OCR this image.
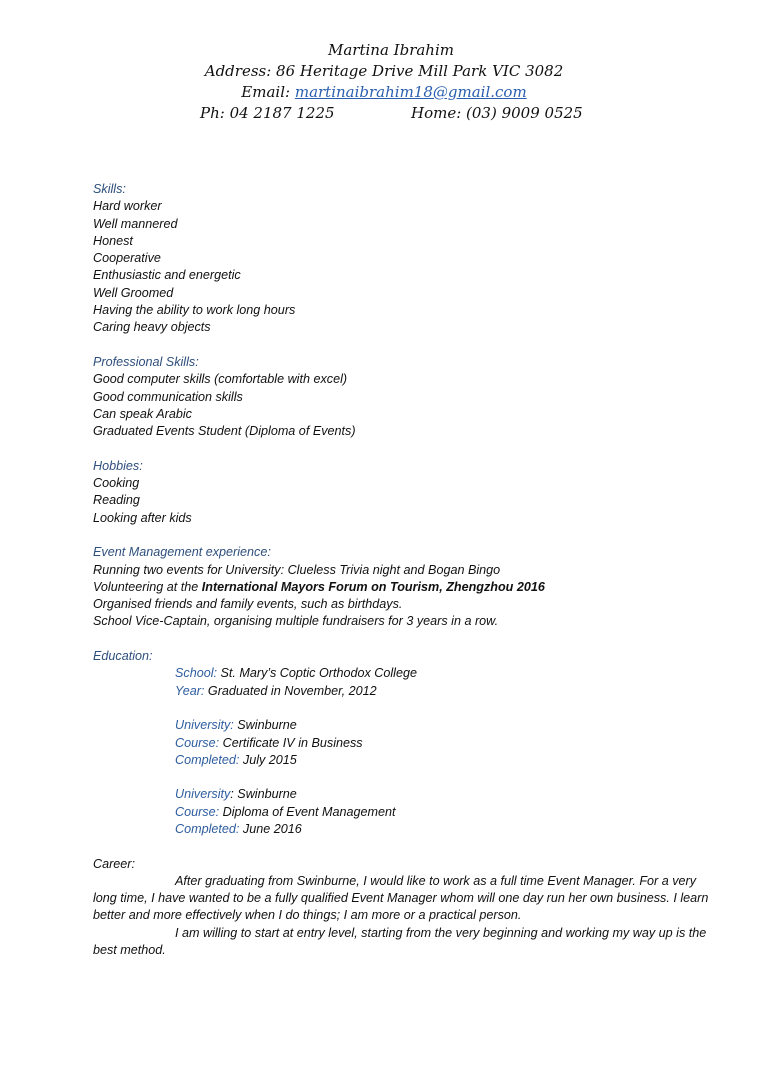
Martina Ibrahim
Address: 86 Heritage Drive Mill Park VIC 3082
Email: martinaibrahim18@gmail.com
Ph: 04 2187 1225	Home: (03) 9009 0525
Skills:
Hard worker
Well mannered
Honest
Cooperative
Enthusiastic and energetic
Well Groomed
Having the ability to work long hours
Caring heavy objects
Professional Skills:
Good computer skills (comfortable with excel)
Good communication skills
Can speak Arabic
Graduated Events Student (Diploma of Events)
Hobbies:
Cooking
Reading
Looking after kids
Event Management experience:
Running two events for University: Clueless Trivia night and Bogan Bingo
Volunteering at the International Mayors Forum on Tourism, Zhengzhou 2016
Organised friends and family events, such as birthdays.
School Vice-Captain, organising multiple fundraisers for 3 years in a row.
Education:
School: St. Mary’s Coptic Orthodox College
Year: Graduated in November, 2012
University: Swinburne
Course: Certificate IV in Business
Completed: July 2015
University: Swinburne
Course: Diploma of Event Management
Completed: June 2016
Career:
After graduating from Swinburne, I would like to work as a full time Event Manager. For a very long time, I have wanted to be a fully qualified Event Manager whom will one day run her own business. I learn better and more effectively when I do things; I am more or a practical person.
I am willing to start at entry level, starting from the very beginning and working my way up is the best method.
